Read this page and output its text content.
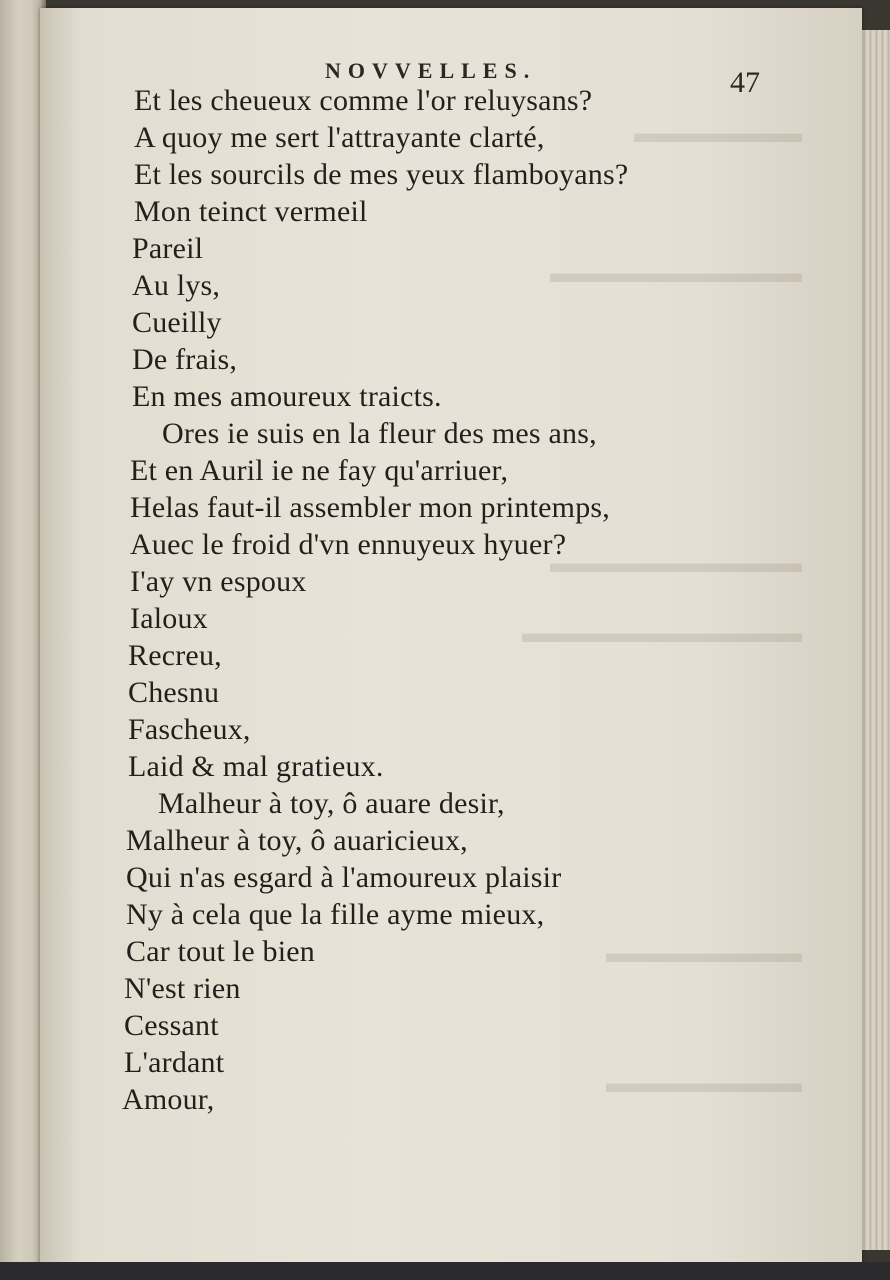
▬▬▬▬▬▬
▬▬▬▬▬▬▬▬▬
▬▬▬▬▬▬▬▬▬
▬▬▬▬▬▬▬▬▬▬
▬▬▬▬▬▬▬
▬▬▬▬▬▬▬
NOVVELLES.	47
Et les cheueux comme l'or reluysans?
A quoy me sert l'attrayante clarté,
Et les sourcils de mes yeux flamboyans?
Mon teinct vermeil
Pareil
Au lys,
Cueilly
De frais,
En mes amoureux traicts.
Ores ie suis en la fleur des mes ans,
Et en Auril ie ne fay qu'arriuer,
Helas faut-il assembler mon printemps,
Auec le froid d'vn ennuyeux hyuer?
I'ay vn espoux
Ialoux
Recreu,
Chesnu
Fascheux,
Laid & mal gratieux.
Malheur à toy, ô auare desir,
Malheur à toy, ô auaricieux,
Qui n'as esgard à l'amoureux plaisir
Ny à cela que la fille ayme mieux,
Car tout le bien
N'est rien
Cessant
L'ardant
Amour,
